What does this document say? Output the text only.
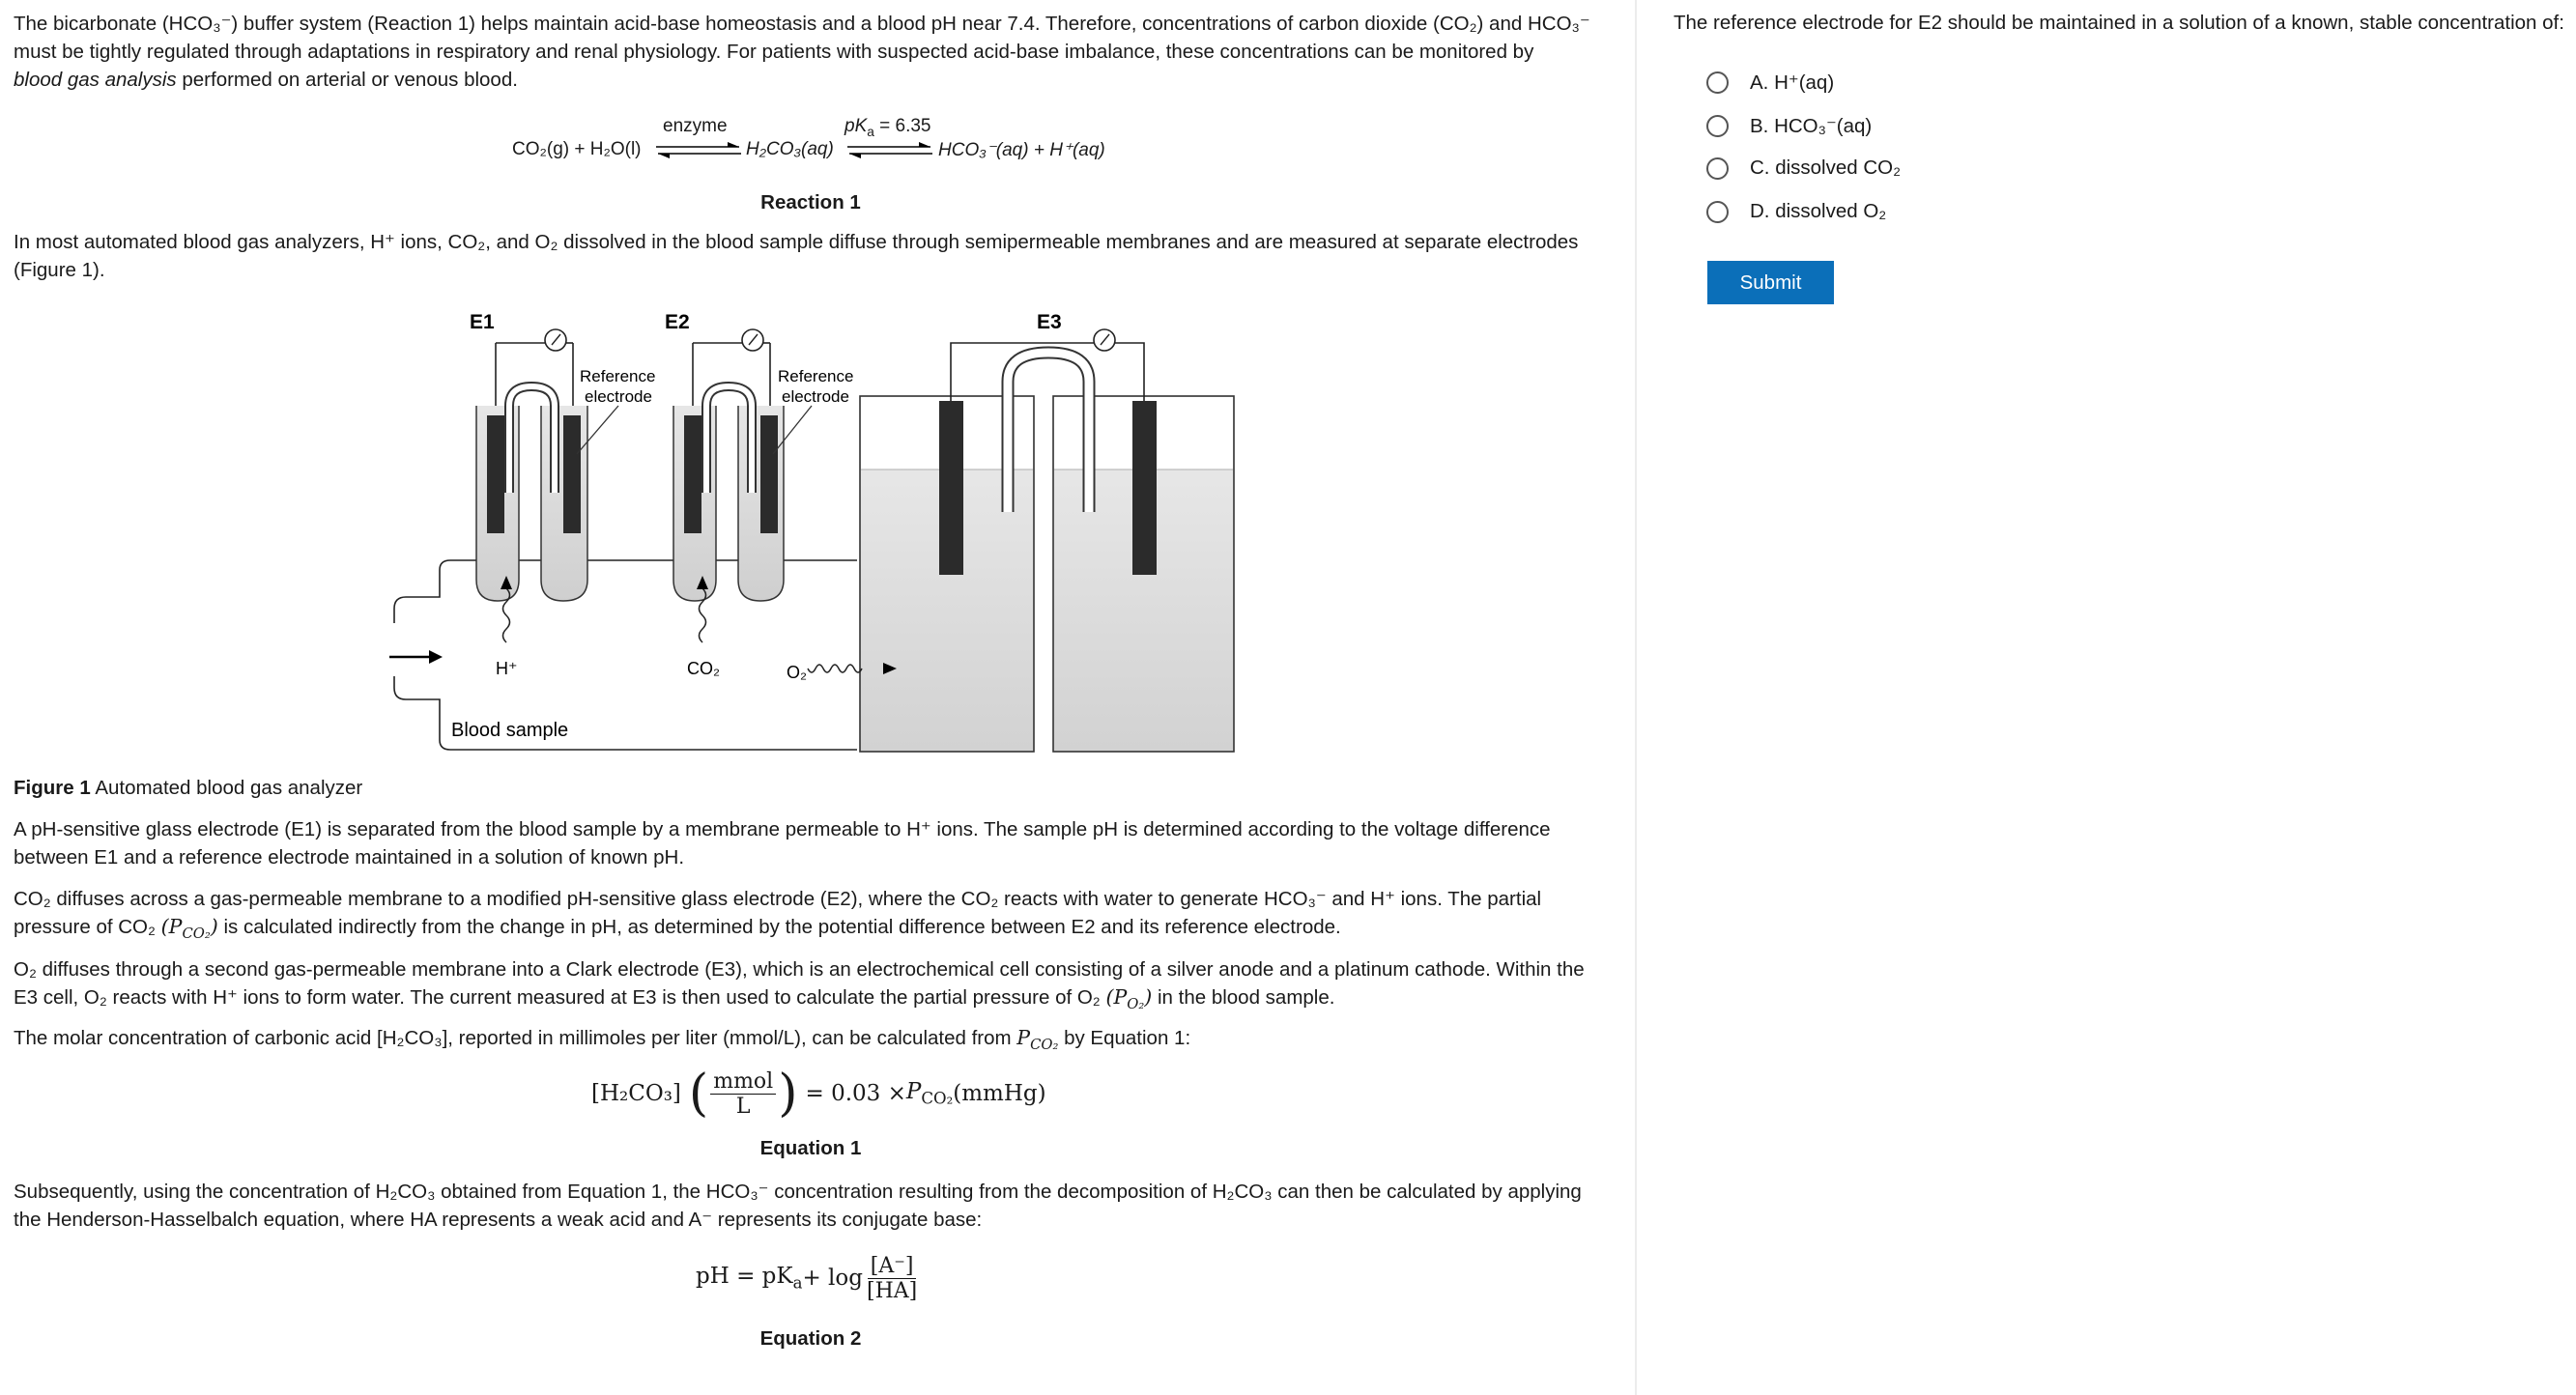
The bicarbonate (HCO₃⁻) buffer system (Reaction 1) helps maintain acid-base homeostasis and a blood pH near 7.4. Therefore, concentrations of carbon dioxide (CO₂) and HCO₃⁻
must be tightly regulated through adaptations in respiratory and renal physiology. For patients with suspected acid-base imbalance, these concentrations can be monitored by
blood gas analysis performed on arterial or venous blood.

CO₂(g) + H₂O(l)
enzyme
H₂CO₃(aq)
$pK_a = 6.35$
HCO₃⁻(aq) + H⁺(aq)
Reaction 1

In most automated blood gas analyzers, H⁺ ions, CO₂, and O₂ dissolved in the blood sample diffuse through semipermeable membranes and are measured at separate electrodes
(Figure 1).

E1
Reference
electrode
H⁺
E2
Reference
electrode
CO₂
E3
O₂
Blood sample
Figure 1 Automated blood gas analyzer

A pH-sensitive glass electrode (E1) is separated from the blood sample by a membrane permeable to H⁺ ions. The sample pH is determined according to the voltage difference
between E1 and a reference electrode maintained in a solution of known pH.

CO₂ diffuses across a gas-permeable membrane to a modified pH-sensitive glass electrode (E2), where the CO₂ reacts with water to generate HCO₃⁻ and H⁺ ions. The partial
pressure of CO₂ $(P_{CO_2})$ is calculated indirectly from the change in pH, as determined by the potential difference between E2 and its reference electrode.

O₂ diffuses through a second gas-permeable membrane into a Clark electrode (E3), which is an electrochemical cell consisting of a silver anode and a platinum cathode. Within the
E3 cell, O₂ reacts with H⁺ ions to form water. The current measured at E3 is then used to calculate the partial pressure of O₂ $(P_{O_2})$ in the blood sample.

The molar concentration of carbonic acid [H₂CO₃], reported in millimoles per liter (mmol/L), can be calculated from $P_{CO_2}$ by Equation 1:

[H₂CO₃] ( mmol
L ) = $0.03 \times P_{CO_2}$ (mmHg)
Equation 1

Subsequently, using the concentration of H₂CO₃ obtained from Equation 1, the HCO₃⁻ concentration resulting from the decomposition of H₂CO₃ can then be calculated by applying
the Henderson-Hasselbalch equation, where HA represents a weak acid and A⁻ represents its conjugate base:

pH = $pK_a + \log \frac{[A^-]}{[HA]}$
Equation 2
The reference electrode for E2 should be maintained in a solution of a known, stable concentration of:
A. H⁺(aq)
B. HCO₃⁻(aq)
C. dissolved CO₂
D. dissolved O₂
Submit
